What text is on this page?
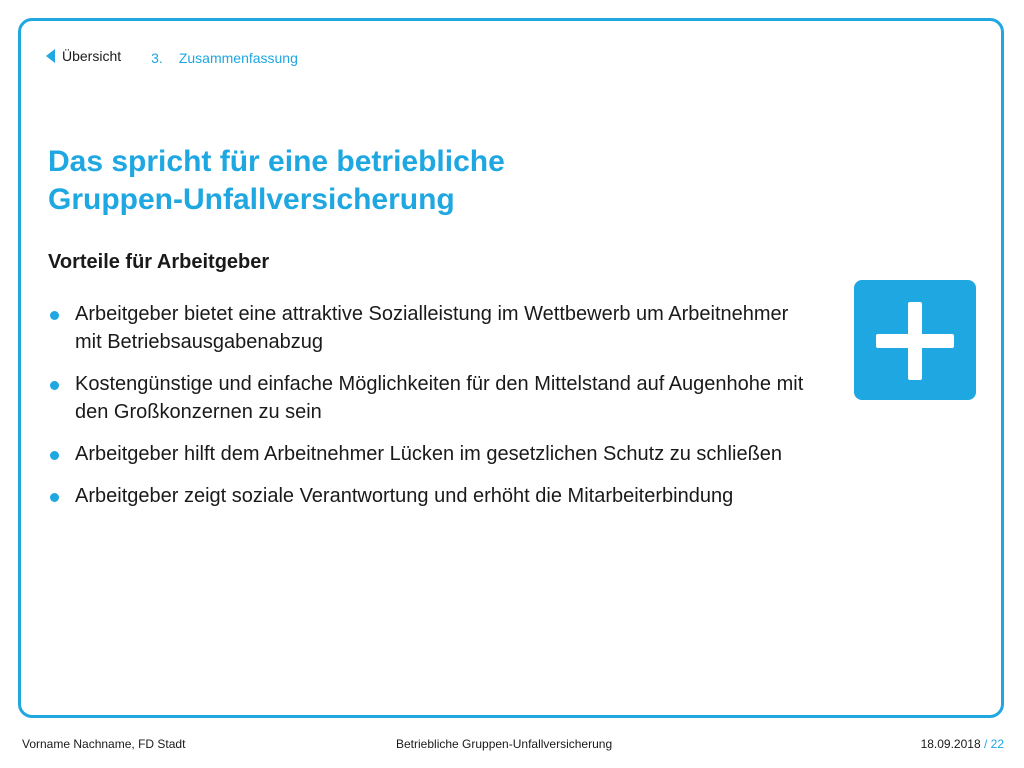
Übersicht 3. Zusammenfassung
Das spricht für eine betriebliche
Gruppen-Unfallversicherung
Vorteile für Arbeitgeber
Arbeitgeber bietet eine attraktive Sozialleistung im Wettbewerb um Arbeitnehmer mit Betriebsausgabenabzug
Kostengünstige und einfache Möglichkeiten für den Mittelstand auf Augenhohe mit den Großkonzernen zu sein
Arbeitgeber hilft dem Arbeitnehmer Lücken im gesetzlichen Schutz zu schließen
Arbeitgeber zeigt soziale Verantwortung und erhöht die Mitarbeiterbindung
Vorname Nachname, FD Stadt	Betriebliche Gruppen-Unfallversicherung	18.09.2018 / 22
